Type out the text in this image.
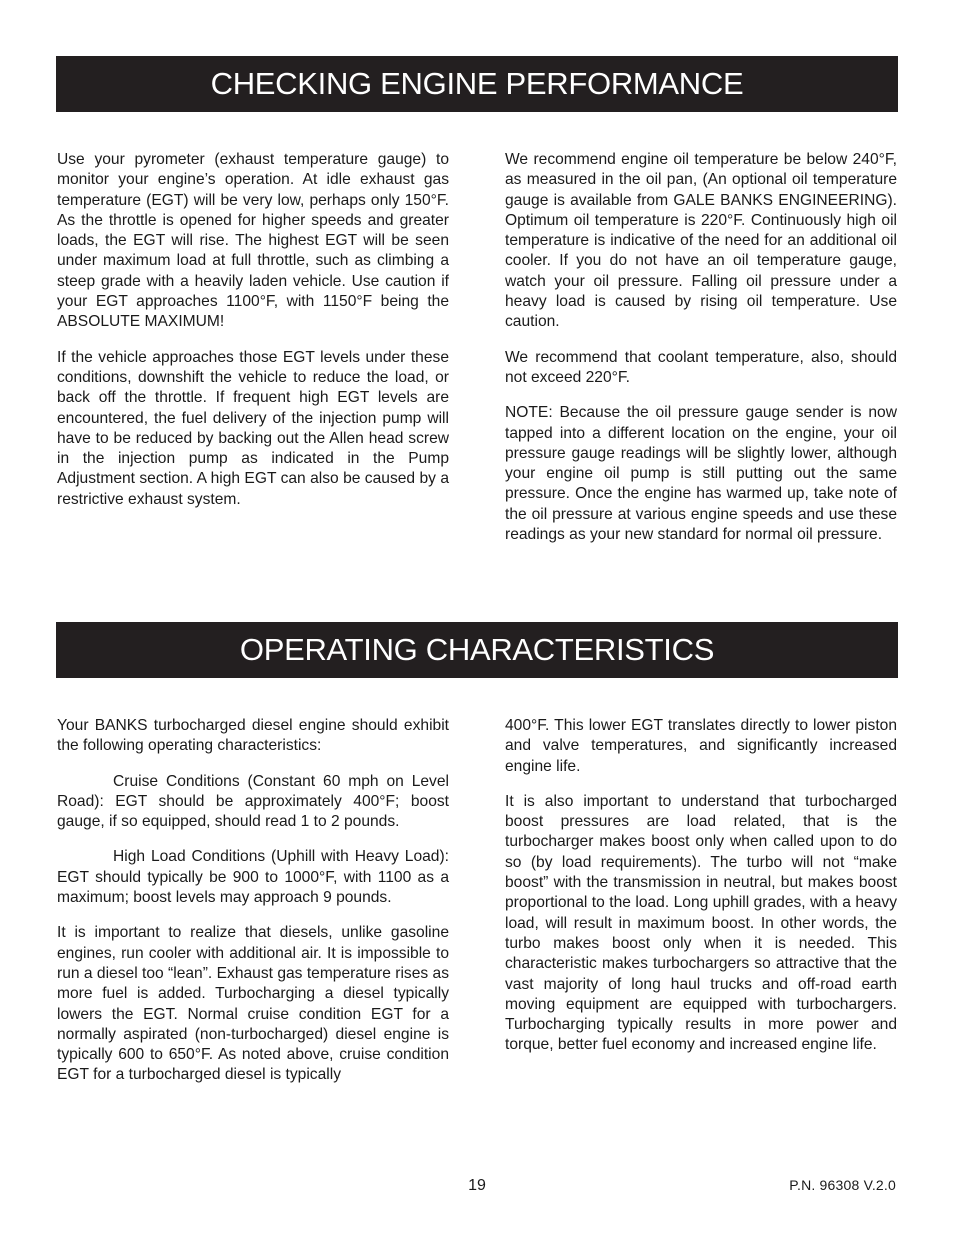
CHECKING ENGINE PERFORMANCE

Use your pyrometer (exhaust temperature gauge) to monitor your engine’s operation. At idle exhaust gas temperature (EGT) will be very low, perhaps only 150°F. As the throttle is opened for higher speeds and greater loads, the EGT will rise. The highest EGT will be seen under maximum load at full throttle, such as climbing a steep grade with a heavily laden vehicle. Use caution if your EGT approaches 1100°F, with 1150°F being the ABSOLUTE MAXIMUM!

If the vehicle approaches those EGT levels under these conditions, downshift the vehicle to reduce the load, or back off the throttle. If frequent high EGT levels are encountered, the fuel delivery of the injection pump will have to be reduced by backing out the Allen head screw in the injection pump as indicated in the Pump Adjustment section. A high EGT can also be caused by a restrictive exhaust system.

We recommend engine oil temperature be below 240°F, as measured in the oil pan, (An optional oil temperature gauge is available from GALE BANKS ENGINEERING). Optimum oil temperature is 220°F. Continuously high oil temperature is indicative of the need for an additional oil cooler. If you do not have an oil temperature gauge, watch your oil pressure. Falling oil pressure under a heavy load is caused by rising oil temperature. Use caution.

We recommend that coolant temperature, also, should not exceed 220°F.

NOTE: Because the oil pressure gauge sender is now tapped into a different location on the engine, your oil pressure gauge readings will be slightly lower, although your engine oil pump is still putting out the same pressure. Once the engine has warmed up, take note of the oil pressure at various engine speeds and use these readings as your new standard for normal oil pressure.

OPERATING CHARACTERISTICS

Your BANKS turbocharged diesel engine should exhibit the following operating characteristics:

Cruise Conditions (Constant 60 mph on Level Road): EGT should be approximately 400°F; boost gauge, if so equipped, should read 1 to 2 pounds.

High Load Conditions (Uphill with Heavy Load): EGT should typically be 900 to 1000°F, with 1100 as a maximum; boost levels may approach 9 pounds.

It is important to realize that diesels, unlike gasoline engines, run cooler with additional air. It is impossible to run a diesel too “lean”. Exhaust gas temperature rises as more fuel is added. Turbocharging a diesel typically lowers the EGT. Normal cruise condition EGT for a normally aspirated (non-turbocharged) diesel engine is typically 600 to 650°F. As noted above, cruise condition EGT for a turbocharged diesel is typically

400°F. This lower EGT translates directly to lower piston and valve temperatures, and significantly increased engine life.

It is also important to understand that turbocharged boost pressures are load related, that is the turbocharger makes boost only when called upon to do so (by load requirements). The turbo will not “make boost” with the transmission in neutral, but makes boost proportional to the load. Long uphill grades, with a heavy load, will result in maximum boost. In other words, the turbo makes boost only when it is needed. This characteristic makes turbochargers so attractive that the vast majority of long haul trucks and off-road earth moving equipment are equipped with turbochargers. Turbocharging typically results in more power and torque, better fuel economy and increased engine life.

19	P.N. 96308 V.2.0
